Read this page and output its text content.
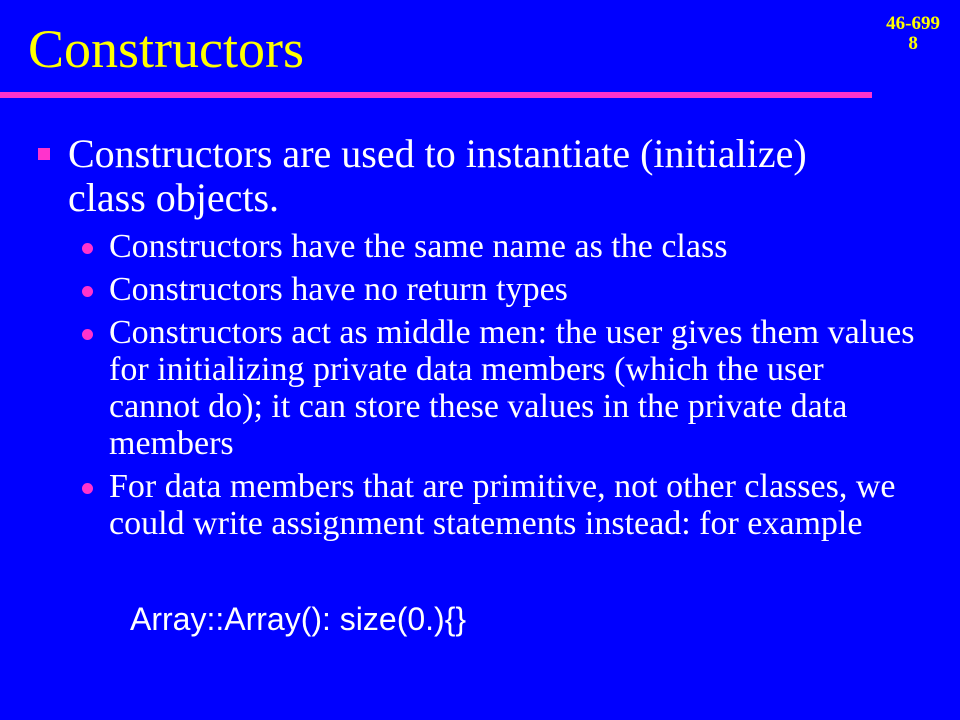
Constructors	46-699
8
Constructors are used to instantiate (initialize) class objects.
Constructors have the same name as the class
Constructors have no return types
Constructors act as middle men: the user gives them values for initializing private data members (which the user cannot do); it can store these values in the private data members
For data members that are primitive, not other classes, we could write assignment statements instead: for example
Array::Array(): size(0.){}
